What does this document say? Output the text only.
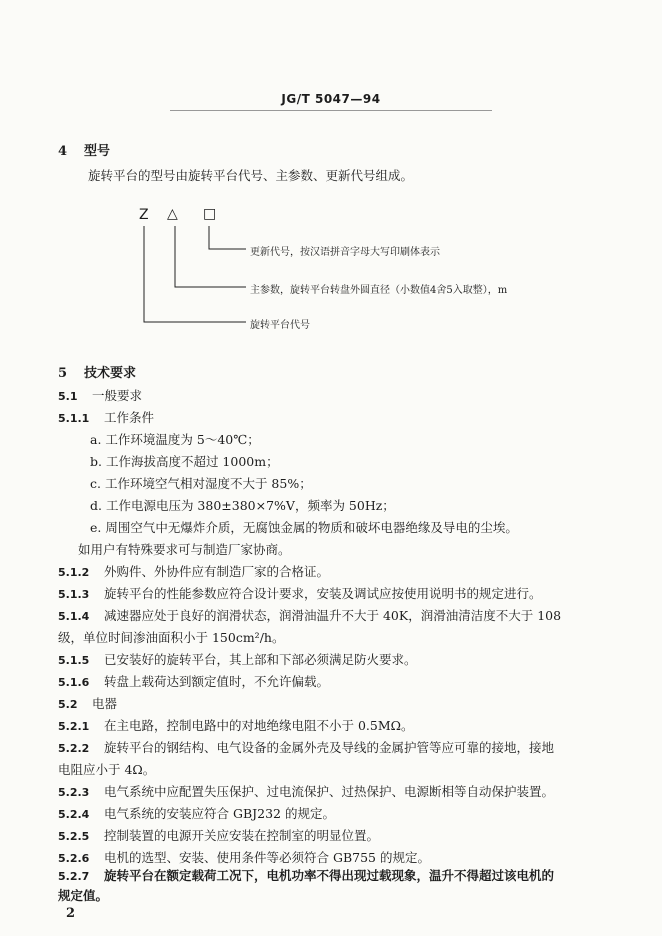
JG/T 5047—94
4 型号
旋转平台的型号由旋转平台代号、主参数、更新代号组成。
Z △ □
更新代号，按汉语拼音字母大写印刷体表示
主参数，旋转平台转盘外圆直径（小数值4舍5入取整），m
旋转平台代号
5 技术要求
5.1 一般要求
5.1.1 工作条件
a. 工作环境温度为 5～40℃；
b. 工作海拔高度不超过 1000m；
c. 工作环境空气相对湿度不大于 85%；
d. 工作电源电压为 380±380×7%V，频率为 50Hz；
e. 周围空气中无爆炸介质，无腐蚀金属的物质和破坏电器绝缘及导电的尘埃。
如用户有特殊要求可与制造厂家协商。
5.1.2 外购件、外协件应有制造厂家的合格证。
5.1.3 旋转平台的性能参数应符合设计要求，安装及调试应按使用说明书的规定进行。
5.1.4 减速器应处于良好的润滑状态，润滑油温升不大于 40K，润滑油清洁度不大于 108
级，单位时间渗油面积小于 150cm²/h。
5.1.5 已安装好的旋转平台，其上部和下部必须满足防火要求。
5.1.6 转盘上载荷达到额定值时，不允许偏载。
5.2 电器
5.2.1 在主电路，控制电路中的对地绝缘电阻不小于 0.5MΩ。
5.2.2 旋转平台的钢结构、电气设备的金属外壳及导线的金属护管等应可靠的接地，接地
电阻应小于 4Ω。
5.2.3 电气系统中应配置失压保护、过电流保护、过热保护、电源断相等自动保护装置。
5.2.4 电气系统的安装应符合 GBJ232 的规定。
5.2.5 控制装置的电源开关应安装在控制室的明显位置。
5.2.6 电机的选型、安装、使用条件等必须符合 GB755 的规定。
5.2.7 旋转平台在额定载荷工况下，电机功率不得出现过载现象，温升不得超过该电机的
规定值。
2
